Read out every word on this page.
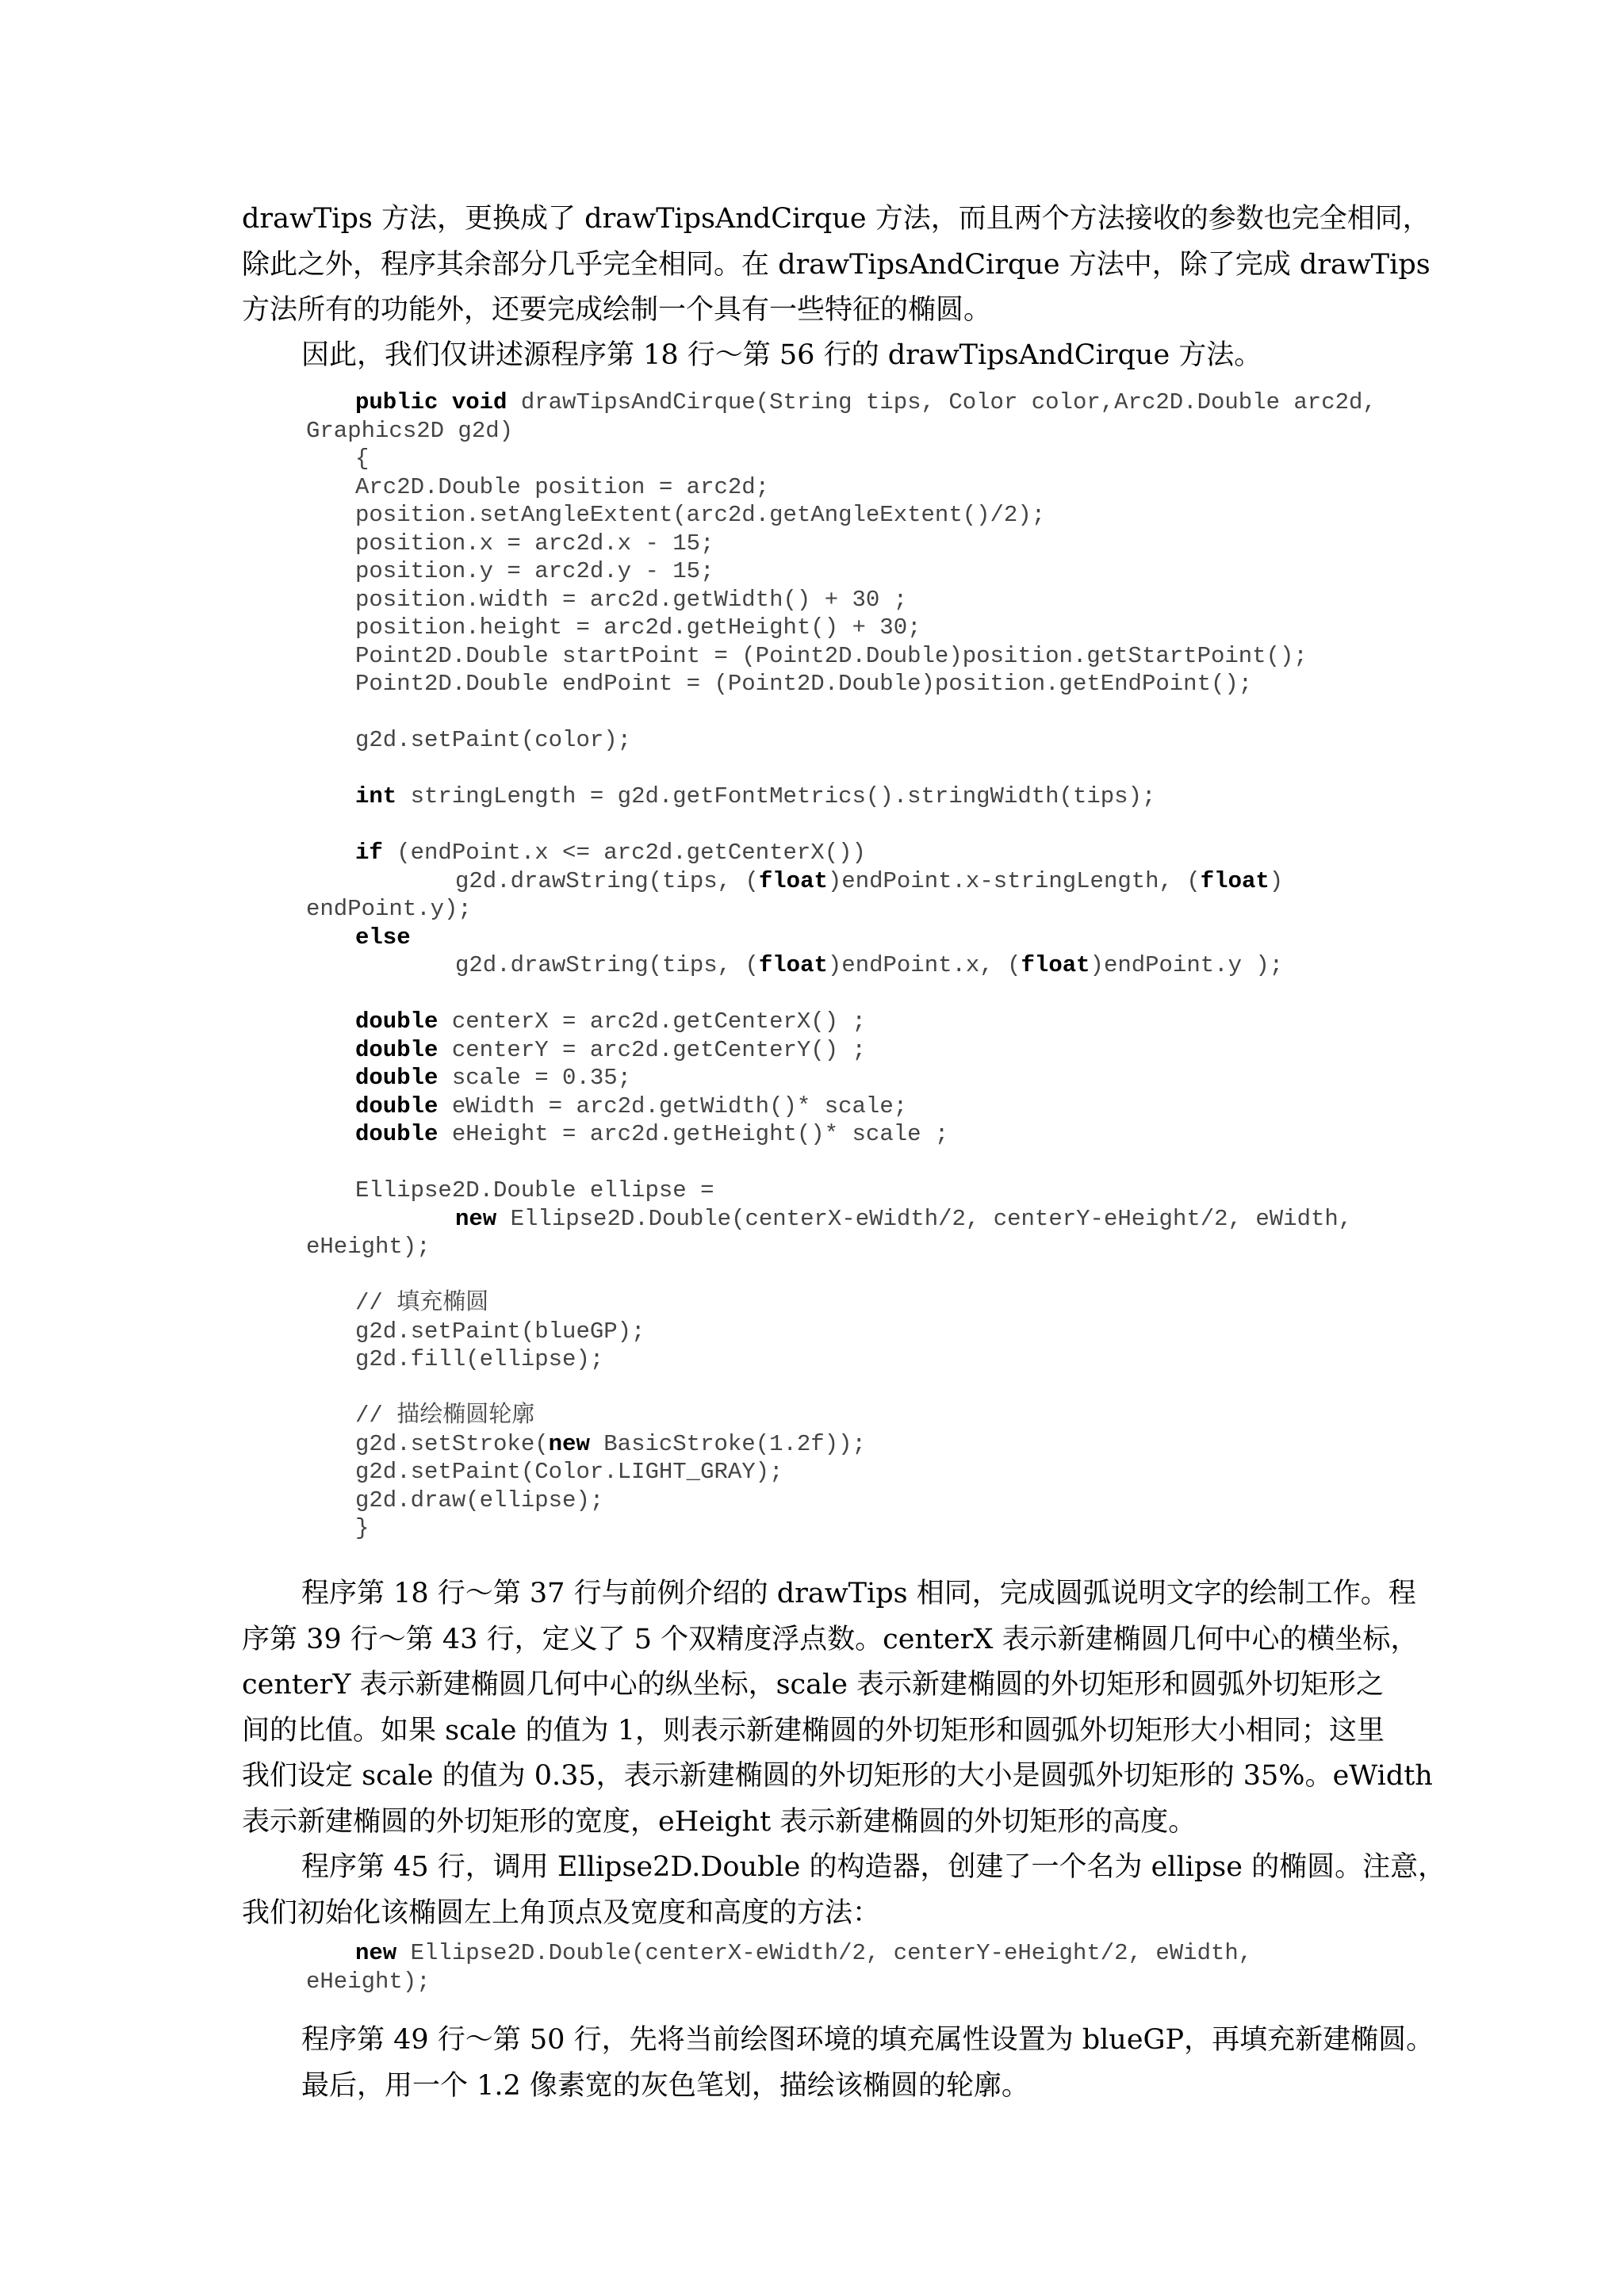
drawTips 方法，更换成了 drawTipsAndCirque 方法，而且两个方法接收的参数也完全相同，
除此之外，程序其余部分几乎完全相同。在 drawTipsAndCirque 方法中，除了完成 drawTips
方法所有的功能外，还要完成绘制一个具有一些特征的椭圆。
因此，我们仅讲述源程序第 18 行～第 56 行的 drawTipsAndCirque 方法。
public void drawTipsAndCirque(String tips, Color color,Arc2D.Double arc2d,
Graphics2D g2d)
{
Arc2D.Double position = arc2d;
position.setAngleExtent(arc2d.getAngleExtent()/2);
position.x = arc2d.x - 15;
position.y = arc2d.y - 15;
position.width = arc2d.getWidth() + 30 ;
position.height = arc2d.getHeight() + 30;
Point2D.Double startPoint = (Point2D.Double)position.getStartPoint();
Point2D.Double endPoint = (Point2D.Double)position.getEndPoint();
g2d.setPaint(color);
int stringLength = g2d.getFontMetrics().stringWidth(tips);
if (endPoint.x <= arc2d.getCenterX())
g2d.drawString(tips, (float)endPoint.x-stringLength, (float)
endPoint.y);
else
g2d.drawString(tips, (float)endPoint.x, (float)endPoint.y );
double centerX = arc2d.getCenterX() ;
double centerY = arc2d.getCenterY() ;
double scale = 0.35;
double eWidth = arc2d.getWidth()* scale;
double eHeight = arc2d.getHeight()* scale ;
Ellipse2D.Double ellipse =
new Ellipse2D.Double(centerX-eWidth/2, centerY-eHeight/2, eWidth,
eHeight);
// 填充椭圆
g2d.setPaint(blueGP);
g2d.fill(ellipse);
// 描绘椭圆轮廓
g2d.setStroke(new BasicStroke(1.2f));
g2d.setPaint(Color.LIGHT_GRAY);
g2d.draw(ellipse);
}
程序第 18 行～第 37 行与前例介绍的 drawTips 相同，完成圆弧说明文字的绘制工作。程
序第 39 行～第 43 行，定义了 5 个双精度浮点数。centerX 表示新建椭圆几何中心的横坐标，
centerY 表示新建椭圆几何中心的纵坐标，scale 表示新建椭圆的外切矩形和圆弧外切矩形之
间的比值。如果 scale 的值为 1，则表示新建椭圆的外切矩形和圆弧外切矩形大小相同；这里
我们设定 scale 的值为 0.35，表示新建椭圆的外切矩形的大小是圆弧外切矩形的 35%。eWidth
表示新建椭圆的外切矩形的宽度，eHeight 表示新建椭圆的外切矩形的高度。
程序第 45 行，调用 Ellipse2D.Double 的构造器，创建了一个名为 ellipse 的椭圆。注意，
我们初始化该椭圆左上角顶点及宽度和高度的方法：
new Ellipse2D.Double(centerX-eWidth/2, centerY-eHeight/2, eWidth,
eHeight);
程序第 49 行～第 50 行，先将当前绘图环境的填充属性设置为 blueGP，再填充新建椭圆。
最后，用一个 1.2 像素宽的灰色笔划，描绘该椭圆的轮廓。
